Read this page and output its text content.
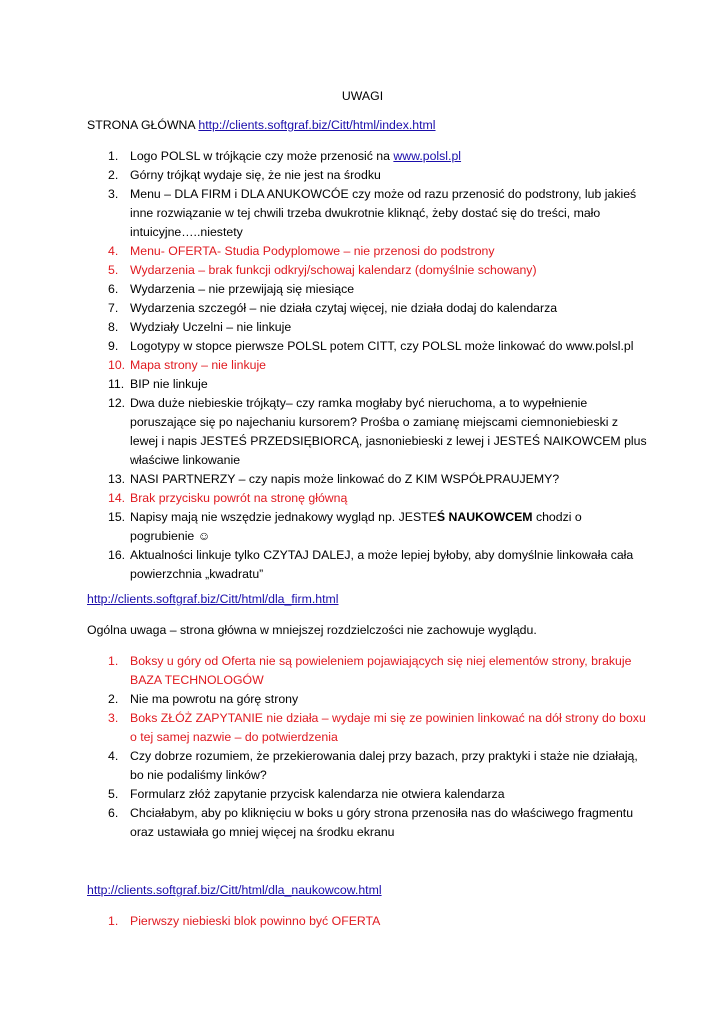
UWAGI
STRONA GŁÓWNA http://clients.softgraf.biz/Citt/html/index.html
1. Logo POLSL w trójkącie czy może przenosić na www.polsl.pl
2. Górny trójkąt wydaje się, że nie jest na środku
3. Menu – DLA FIRM i DLA ANUKOWCÓE czy może od razu przenosić do podstrony, lub jakieś inne rozwiązanie w tej chwili trzeba dwukrotnie kliknąć, żeby dostać się do treści, mało intuicyjne…..niestety
4. Menu- OFERTA- Studia Podyplomowe – nie przenosi do podstrony
5. Wydarzenia – brak funkcji odkryj/schowaj kalendarz (domyślnie schowany)
6. Wydarzenia – nie przewijają się miesiące
7. Wydarzenia szczegół – nie działa czytaj więcej, nie działa dodaj do kalendarza
8. Wydziały Uczelni – nie linkuje
9. Logotypy w stopce pierwsze POLSL potem CITT, czy POLSL może linkować do www.polsl.pl
10. Mapa strony – nie linkuje
11. BIP nie linkuje
12. Dwa duże niebieskie trójkąty– czy ramka mogłaby być nieruchoma, a to wypełnienie poruszające się po najechaniu kursorem? Prośba o zamianę miejscami ciemnoniebieski z lewej i napis JESTEŚ PRZEDSIĘBIORCĄ, jasnoniebieski z lewej i JESTEŚ NAIKOWCEM plus właściwe linkowanie
13. NASI PARTNERZY – czy napis może linkować do Z KIM WSPÓŁPRAUJEMY?
14. Brak przycisku powrót na stronę główną
15. Napisy mają nie wszędzie jednakowy wygląd np. JESTEŚ NAUKOWCEM chodzi o pogrubienie ☺
16. Aktualności linkuje tylko CZYTAJ DALEJ, a może lepiej byłoby, aby domyślnie linkowała cała powierzchnia „kwadratu”
http://clients.softgraf.biz/Citt/html/dla_firm.html
Ogólna uwaga – strona główna w mniejszej rozdzielczości nie zachowuje wyglądu.
1. Boksy u góry od Oferta nie są powieleniem pojawiających się niej elementów strony, brakuje BAZA TECHNOLOGÓW
2. Nie ma powrotu na górę strony
3. Boks ZŁÓŻ ZAPYTANIE nie działa – wydaje mi się ze powinien linkować na dół strony do boxu o tej samej nazwie – do potwierdzenia
4. Czy dobrze rozumiem, że przekierowania dalej przy bazach, przy praktyki i staże nie działają, bo nie podaliśmy linków?
5. Formularz złóż zapytanie przycisk kalendarza nie otwiera kalendarza
6. Chciałabym, aby po kliknięciu w boks u góry strona przenosiła nas do właściwego fragmentu oraz ustawiała go mniej więcej na środku ekranu
http://clients.softgraf.biz/Citt/html/dla_naukowcow.html
1. Pierwszy niebieski blok powinno być OFERTA
